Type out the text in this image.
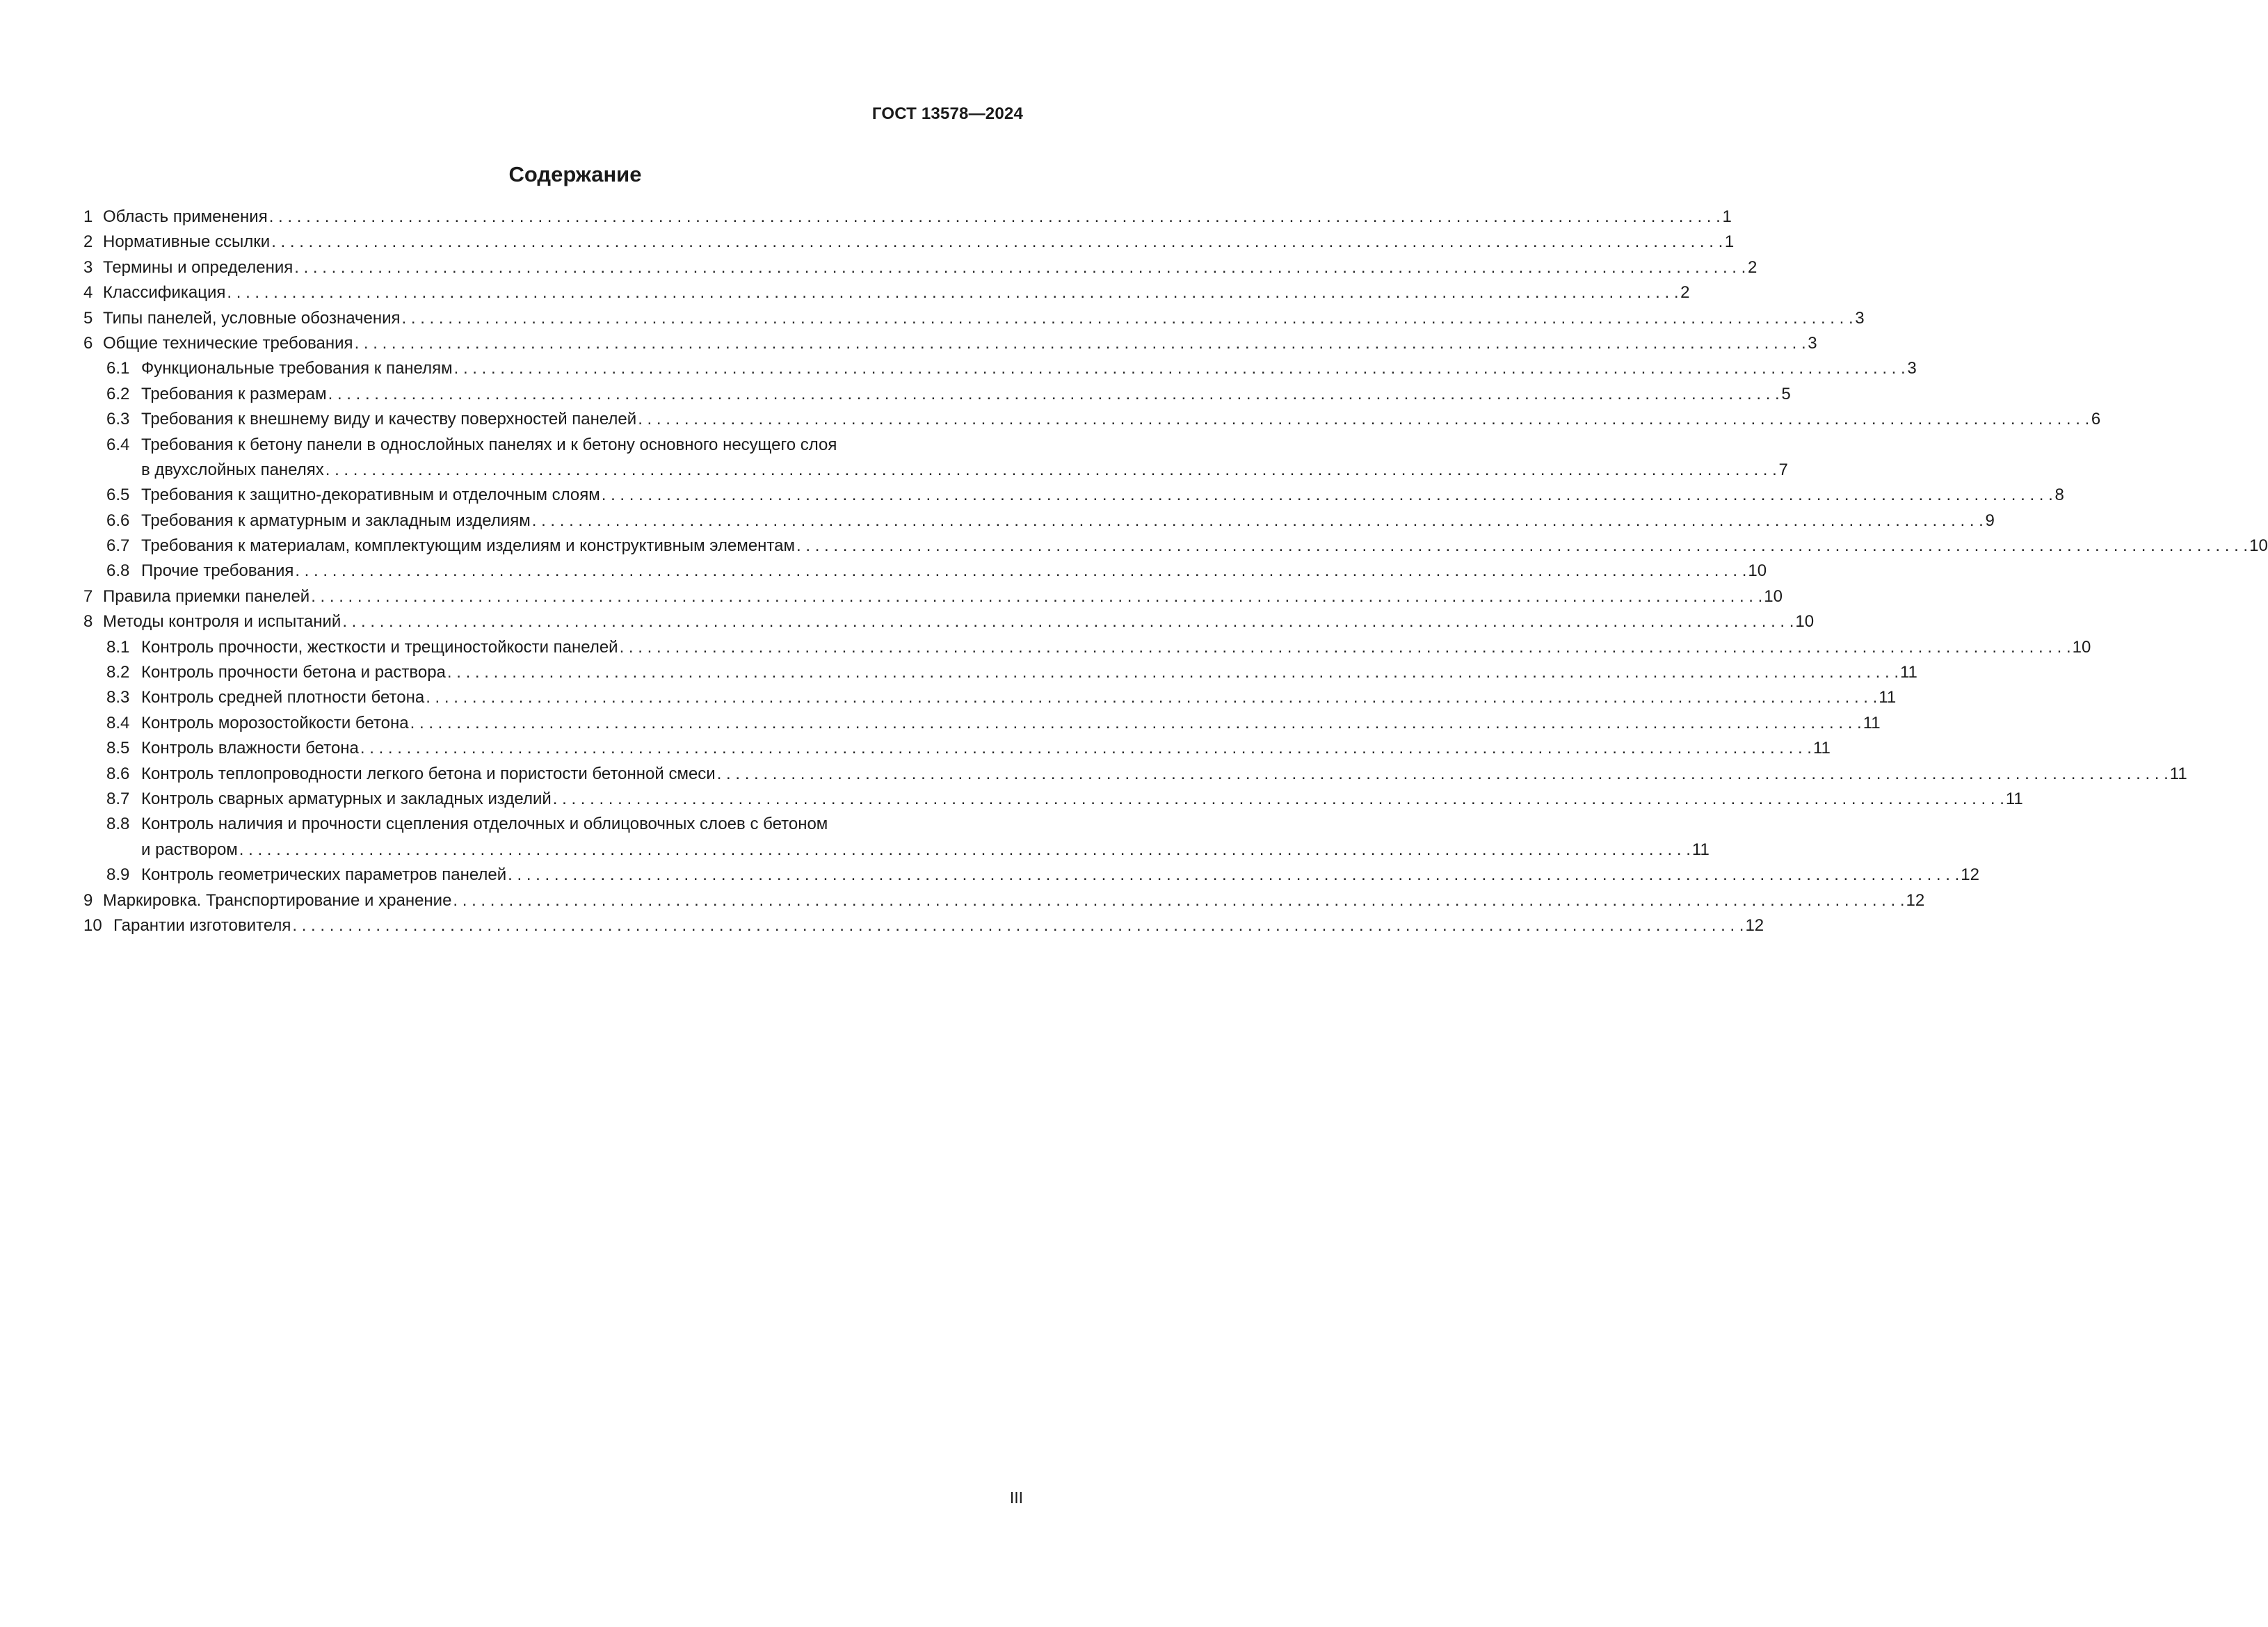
ГОСТ 13578—2024
Содержание
1 Область применения . . .	1
2 Нормативные ссылки . . .	1
3 Термины и определения . . .	2
4 Классификация . . .	2
5 Типы панелей, условные обозначения . . .	3
6 Общие технические требования . . .	3
6.1 Функциональные требования к панелям . . .	3
6.2 Требования к размерам . . .	5
6.3 Требования к внешнему виду и качеству поверхностей панелей . . .	6
6.4 Требования к бетону панели в однослойных панелях и к бетону основного несущего слоя
в двухслойных панелях . . .	7
6.5 Требования к защитно-декоративным и отделочным слоям . . .	8
6.6 Требования к арматурным и закладным изделиям . . .	9
6.7 Требования к материалам, комплектующим изделиям и конструктивным элементам . . .	10
6.8 Прочие требования . . .	10
7 Правила приемки панелей . . .	10
8 Методы контроля и испытаний . . .	10
8.1 Контроль прочности, жесткости и трещиностойкости панелей . . .	10
8.2 Контроль прочности бетона и раствора . . .	11
8.3 Контроль средней плотности бетона . . .	11
8.4 Контроль морозостойкости бетона . . .	11
8.5 Контроль влажности бетона . . .	11
8.6 Контроль теплопроводности легкого бетона и пористости бетонной смеси . . .	11
8.7 Контроль сварных арматурных и закладных изделий . . .	11
8.8 Контроль наличия и прочности сцепления отделочных и облицовочных слоев с бетоном
и раствором . . .	11
8.9 Контроль геометрических параметров панелей . . .	12
9 Маркировка. Транспортирование и хранение . . .	12
10 Гарантии изготовителя . . .	12
III
